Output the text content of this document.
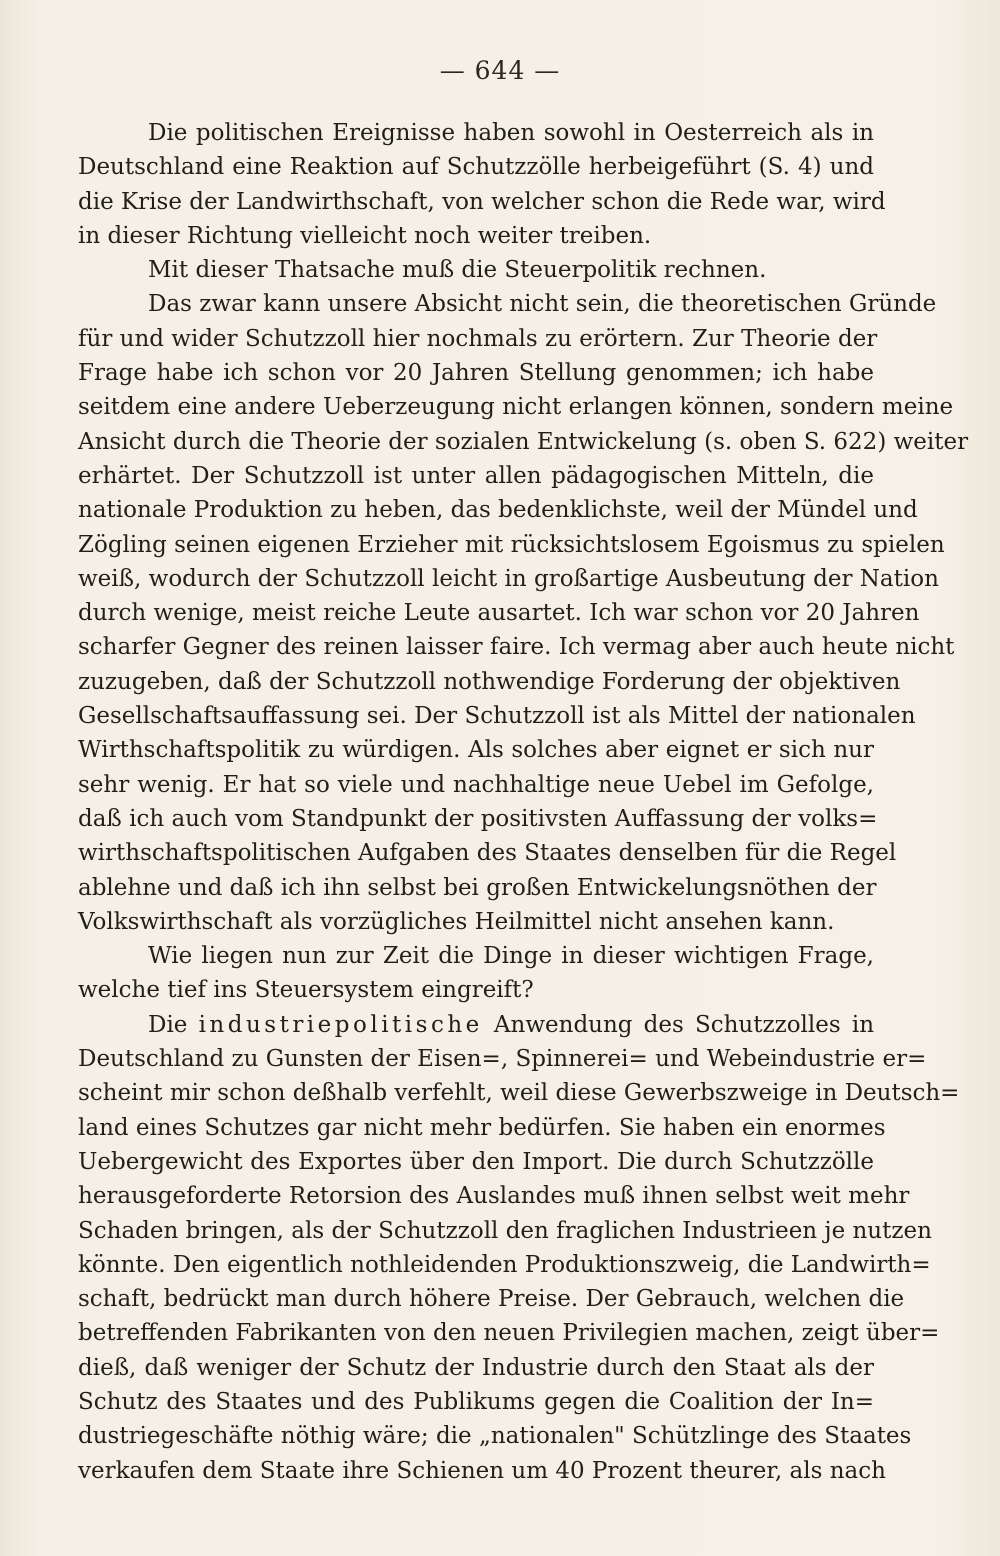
— 644 —
Die politischen Ereignisse haben sowohl in Oesterreich als in
Deutschland eine Reaktion auf Schutzzölle herbeigeführt (S. 4) und
die Krise der Landwirthschaft, von welcher schon die Rede war, wird
in dieser Richtung vielleicht noch weiter treiben.
Mit dieser Thatsache muß die Steuerpolitik rechnen.
Das zwar kann unsere Absicht nicht sein, die theoretischen Gründe
für und wider Schutzzoll hier nochmals zu erörtern. Zur Theorie der
Frage habe ich schon vor 20 Jahren Stellung genommen; ich habe
seitdem eine andere Ueberzeugung nicht erlangen können, sondern meine
Ansicht durch die Theorie der sozialen Entwickelung (s. oben S. 622) weiter
erhärtet. Der Schutzzoll ist unter allen pädagogischen Mitteln, die
nationale Produktion zu heben, das bedenklichste, weil der Mündel und
Zögling seinen eigenen Erzieher mit rücksichtslosem Egoismus zu spielen
weiß, wodurch der Schutzzoll leicht in großartige Ausbeutung der Nation
durch wenige, meist reiche Leute ausartet. Ich war schon vor 20 Jahren
scharfer Gegner des reinen laisser faire. Ich vermag aber auch heute nicht
zuzugeben, daß der Schutzzoll nothwendige Forderung der objektiven
Gesellschaftsauffassung sei. Der Schutzzoll ist als Mittel der nationalen
Wirthschaftspolitik zu würdigen. Als solches aber eignet er sich nur
sehr wenig. Er hat so viele und nachhaltige neue Uebel im Gefolge,
daß ich auch vom Standpunkt der positivsten Auffassung der volks=
wirthschaftspolitischen Aufgaben des Staates denselben für die Regel
ablehne und daß ich ihn selbst bei großen Entwickelungsnöthen der
Volkswirthschaft als vorzügliches Heilmittel nicht ansehen kann.
Wie liegen nun zur Zeit die Dinge in dieser wichtigen Frage,
welche tief ins Steuersystem eingreift?
Die industriepolitische Anwendung des Schutzzolles in
Deutschland zu Gunsten der Eisen=, Spinnerei= und Webeindustrie er=
scheint mir schon deßhalb verfehlt, weil diese Gewerbszweige in Deutsch=
land eines Schutzes gar nicht mehr bedürfen. Sie haben ein enormes
Uebergewicht des Exportes über den Import. Die durch Schutzzölle
herausgeforderte Retorsion des Auslandes muß ihnen selbst weit mehr
Schaden bringen, als der Schutzzoll den fraglichen Industrieen je nutzen
könnte. Den eigentlich nothleidenden Produktionszweig, die Landwirth=
schaft, bedrückt man durch höhere Preise. Der Gebrauch, welchen die
betreffenden Fabrikanten von den neuen Privilegien machen, zeigt über=
dieß, daß weniger der Schutz der Industrie durch den Staat als der
Schutz des Staates und des Publikums gegen die Coalition der In=
dustriegeschäfte nöthig wäre; die „nationalen" Schützlinge des Staates
verkaufen dem Staate ihre Schienen um 40 Prozent theurer, als nach
